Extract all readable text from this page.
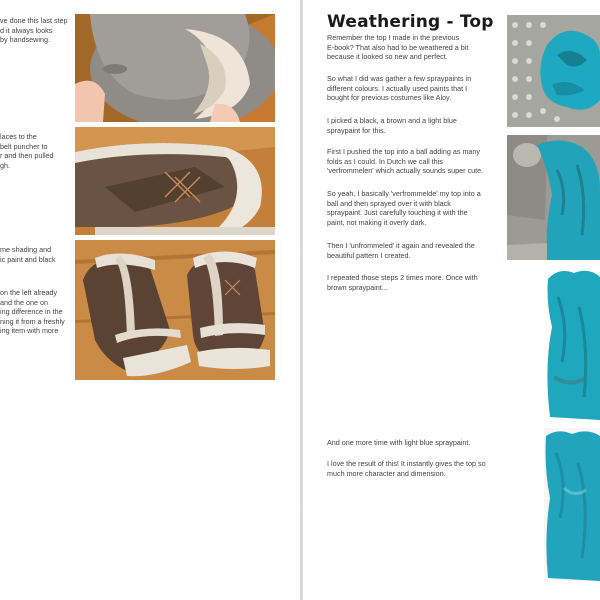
ve done this last step
d it always looks
by handsewing.
laces to the
belt puncher to
r and then pulled
gh.
me shading and
ic paint and black
on the left already
and the one on
ing difference in the
ning it from a freshly
ing item with more
Weathering - Top
Remember the top I made in the previous
E-book? That also had to be weathered a bit
because it looked so new and perfect.
So what I did was gather a few spraypaints in
different colours. I actually used paints that I
bought for previous costumes like Aloy.
I picked a black, a brown and a light blue
spraypaint for this.
First I pushed the top into a ball adding as many
folds as I could. In Dutch we call this
'verfrommelen' which actually sounds super cute.
So yeah, I basically 'verfrommelde' my top into a
ball and then sprayed over it with black
spraypaint. Just carefully touching it with the
paint, not making it overly dark.
Then I 'unfrommeled' it again and revealed the
beautiful pattern I created.
I repeated those steps 2 times more. Once with
brown spraypaint...
And one more time with light blue spraypaint.
I love the result of this! It instantly gives the top so
much more character and dimension.
